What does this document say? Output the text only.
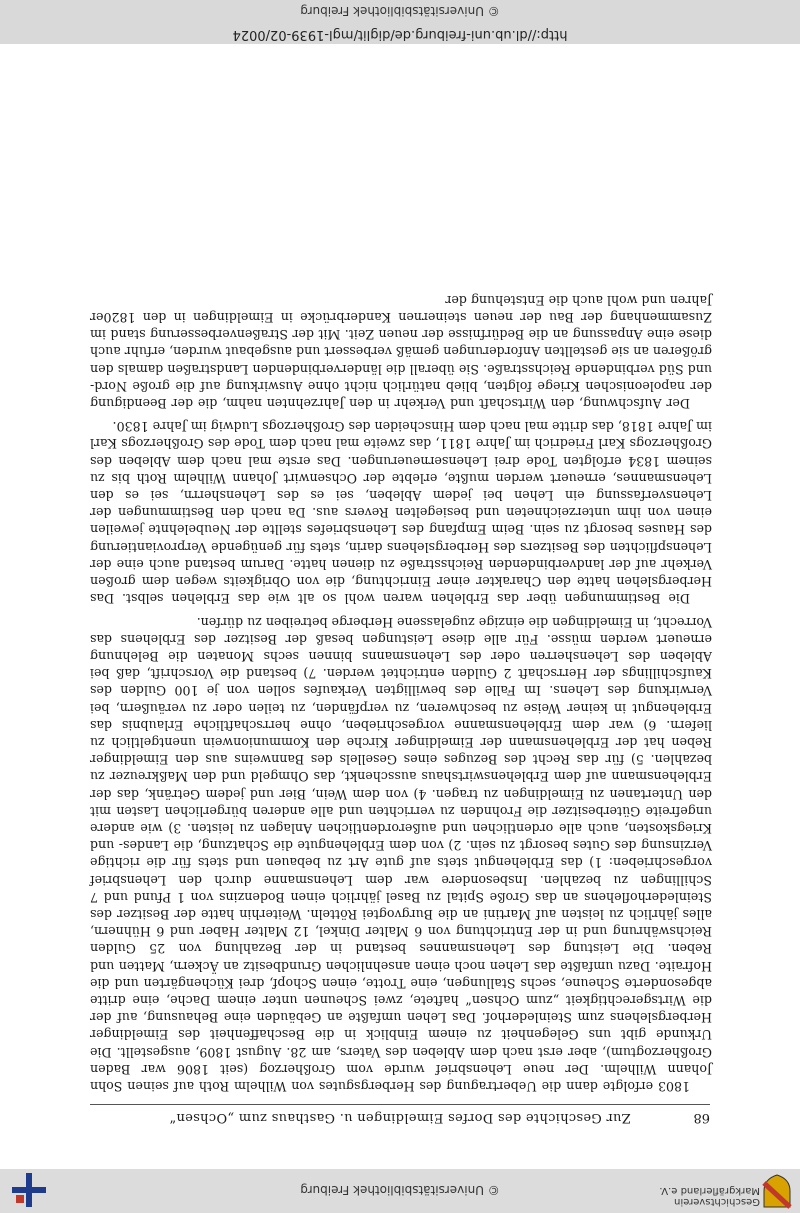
Geschichtsverein
Markgräflerland e.V.
© Universitätsbibliothek Freiburg
68
Zur Geschichte des Dorfes Eimeldingen u. Gasthaus zum „Ochsen“

1803 erfolgte dann die Uebertragung des Herbergsgutes von Wilhelm Roth auf seinen Sohn Johann Wilhelm. Der neue Lehensbrief wurde vom Großherzog (seit 1806 war Baden Großherzogtum), aber erst nach dem Ableben des Vaters, am 28. August 1809, ausgestellt. Die Urkunde gibt uns Gelegenheit zu einem Einblick in die Beschaffenheit des Eimeldinger Herbergslehens zum Steinlederhof. Das Lehen umfaßte an Gebäuden eine Behausung, auf der die Wirtsgerechtigkeit „zum Ochsen“ haftete, zwei Scheunen unter einem Dache, eine dritte abgesonderte Scheune, sechs Stallungen, eine Trotte, einen Schopf, drei Küchengärten und die Hofraite. Dazu umfaßte das Lehen noch einen ansehnlichen Grundbesitz an Äckern, Matten und Reben. Die Leistung des Lehensmannes bestand in der Bezahlung von 25 Gulden Reichswährung und in der Entrichtung von 6 Malter Dinkel, 12 Malter Haber und 6 Hühnern, alles jährlich zu leisten auf Martini an die Burgvogtei Rötteln. Weiterhin hatte der Besitzer des Steinlederhoflehens an das Große Spital zu Basel jährlich einen Bodenzins von 1 Pfund und 7 Schillingen zu bezahlen. Insbesondere war dem Lehensmanne durch den Lehensbrief vorgeschrieben: 1) das Erblehengut stets auf gute Art zu bebauen und stets für die richtige Verzinsung des Gutes besorgt zu sein. 2) von dem Erblehengute die Schatzung, die Landes- und Kriegskosten, auch alle ordentlichen und außerordentlichen Anlagen zu leisten. 3) wie andere ungefreite Güterbesitzer die Frohnden zu verrichten und alle anderen bürgerlichen Lasten mit den Untertanen zu Eimeldingen zu tragen. 4) von dem Wein, Bier und jedem Getränk, das der Erblehensmann auf dem Erblehenswirtshaus ausschenkt, das Ohmgeld und den Maßkreuzer zu bezahlen. 5) für das Recht des Bezuges eines Gesellels des Bannweins aus den Eimeldinger Reben hat der Erblehensmann der Eimeldinger Kirche den Kommunionwein unentgeltlich zu liefern. 6) war dem Erblehensmanne vorgeschrieben, ohne herrschaftliche Erlaubnis das Erblehengut in keiner Weise zu beschweren, zu verpfänden, zu teilen oder zu veräußern, bei Verwirkung des Lehens. Im Falle des bewilligten Verkaufes sollen von je 100 Gulden des Kaufschillings der Herrschaft 2 Gulden entrichtet werden. 7) bestand die Vorschrift, daß bei Ableben des Lehensherren oder des Lehensmanns binnen sechs Monaten die Belehnung erneuert werden müsse. Für alle diese Leistungen besaß der Besitzer des Erblehens das Vorrecht, in Eimeldingen die einzige zugelassene Herberge betreiben zu dürfen.

Die Bestimmungen über das Erblehen waren wohl so alt wie das Erblehen selbst. Das Herbergslehen hatte den Charakter einer Einrichtung, die von Obrigkeits wegen dem großen Verkehr auf der landverbindenden Reichsstraße zu dienen hatte. Darum bestand auch eine der Lehenspflichten des Besitzers des Herbergslehens darin, stets für genügende Verproviantierung des Hauses besorgt zu sein. Beim Empfang des Lehensbriefes stellte der Neubelehnte jeweilen einen von ihm unterzeichneten und besiegelten Revers aus. Da nach den Bestimmungen der Lehensverfassung ein Lehen bei jedem Ableben, sei es des Lehensherrn, sei es den Lehensmannes, erneuert werden mußte, erlebte der Ochsenwirt Johann Wilhelm Roth bis zu seinem 1834 erfolgten Tode drei Lehenserneuerungen. Das erste mal nach dem Ableben des Großherzogs Karl Friedrich im Jahre 1811, das zweite mal nach dem Tode des Großherzogs Karl im Jahre 1818, das dritte mal nach dem Hinscheiden des Großherzogs Ludwig im Jahre 1830.

Der Aufschwung, den Wirtschaft und Verkehr in den Jahrzehnten nahm, die der Beendigung der napoleonischen Kriege folgten, blieb natürlich nicht ohne Auswirkung auf die große Nord- und Süd verbindende Reichsstraße. Sie überall die länderverbindenden Landstraßen damals den größeren an sie gestellten Anforderungen gemäß verbessert und ausgebaut wurden, erfuhr auch diese eine Anpassung an die Bedürfnisse der neuen Zeit. Mit der Straßenverbesserung stand im Zusammenhang der Bau der neuen steinernen Kanderbrücke in Eimeldingen in den 1820er Jahren und wohl auch die Entstehung der

http://dl.ub.uni-freiburg.de/diglit/mgl-1939-02/0024
© Universitätsbibliothek Freiburg
